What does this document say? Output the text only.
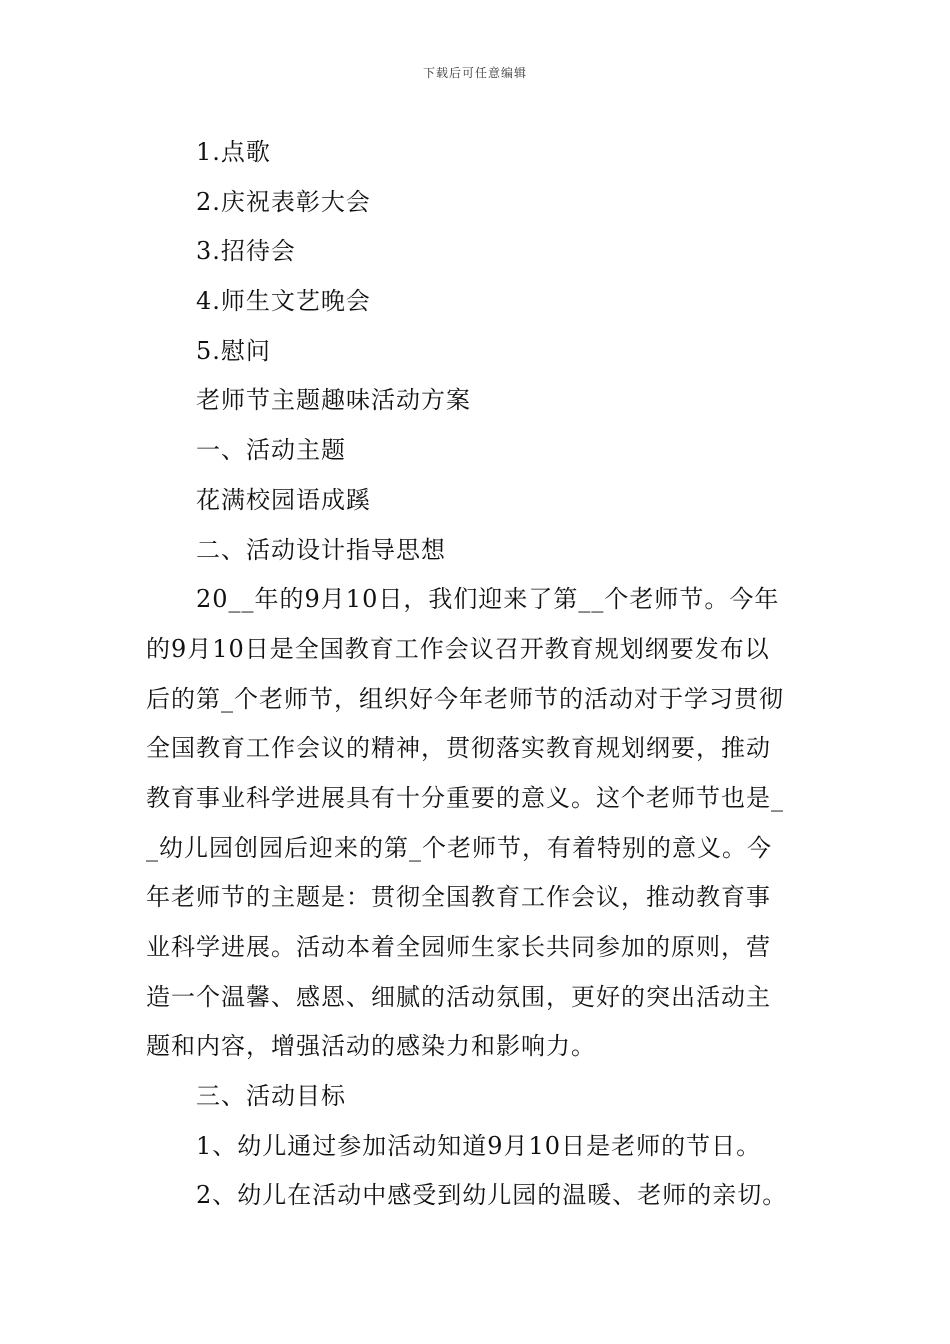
下载后可任意编辑
1.点歌
2.庆祝表彰大会
3.招待会
4.师生文艺晚会
5.慰问
老师节主题趣味活动方案
一、活动主题
花满校园语成蹊
二、活动设计指导思想
20__年的9月10日，我们迎来了第__个老师节。今年
的9月10日是全国教育工作会议召开教育规划纲要发布以
后的第_个老师节，组织好今年老师节的活动对于学习贯彻
全国教育工作会议的精神，贯彻落实教育规划纲要，推动
教育事业科学进展具有十分重要的意义。这个老师节也是_
_幼儿园创园后迎来的第_个老师节，有着特别的意义。今
年老师节的主题是：贯彻全国教育工作会议，推动教育事
业科学进展。活动本着全园师生家长共同参加的原则，营
造一个温馨、感恩、细腻的活动氛围，更好的突出活动主
题和内容，增强活动的感染力和影响力。
三、活动目标
1、幼儿通过参加活动知道9月10日是老师的节日。
2、幼儿在活动中感受到幼儿园的温暖、老师的亲切。
